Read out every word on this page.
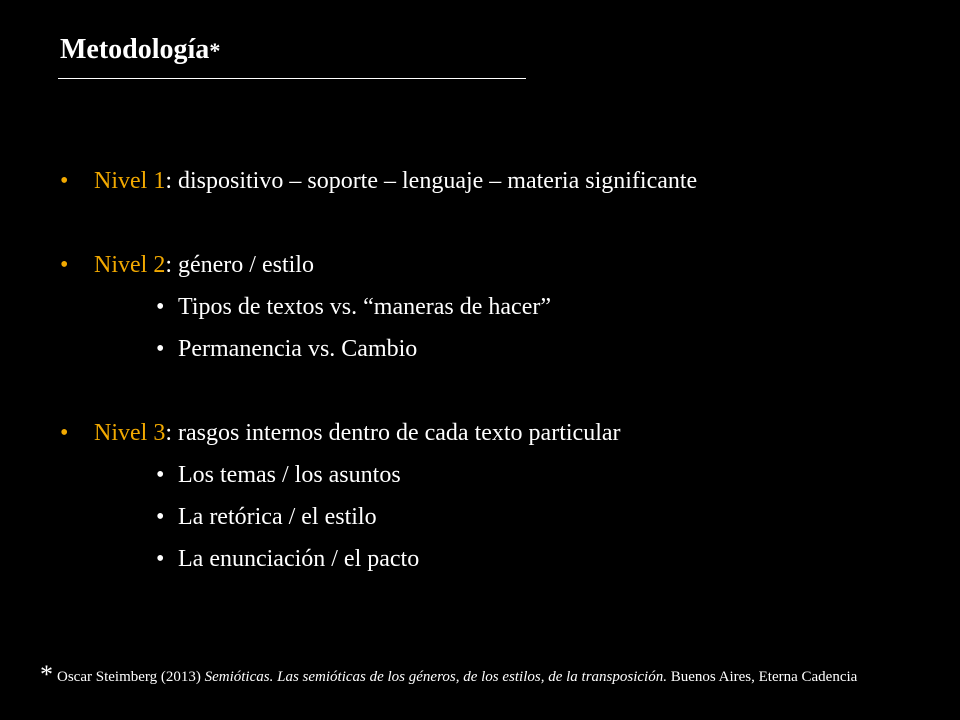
Metodología*
• Nivel 1: dispositivo – soporte – lenguaje – materia significante
• Nivel 2: género / estilo
• Tipos de textos vs. “maneras de hacer”
• Permanencia vs. Cambio
• Nivel 3: rasgos internos dentro de cada texto particular
• Los temas / los asuntos
• La retórica / el estilo
• La enunciación / el pacto
* Oscar Steimberg (2013) Semióticas. Las semióticas de los géneros, de los estilos, de la transposición. Buenos Aires, Eterna Cadencia
